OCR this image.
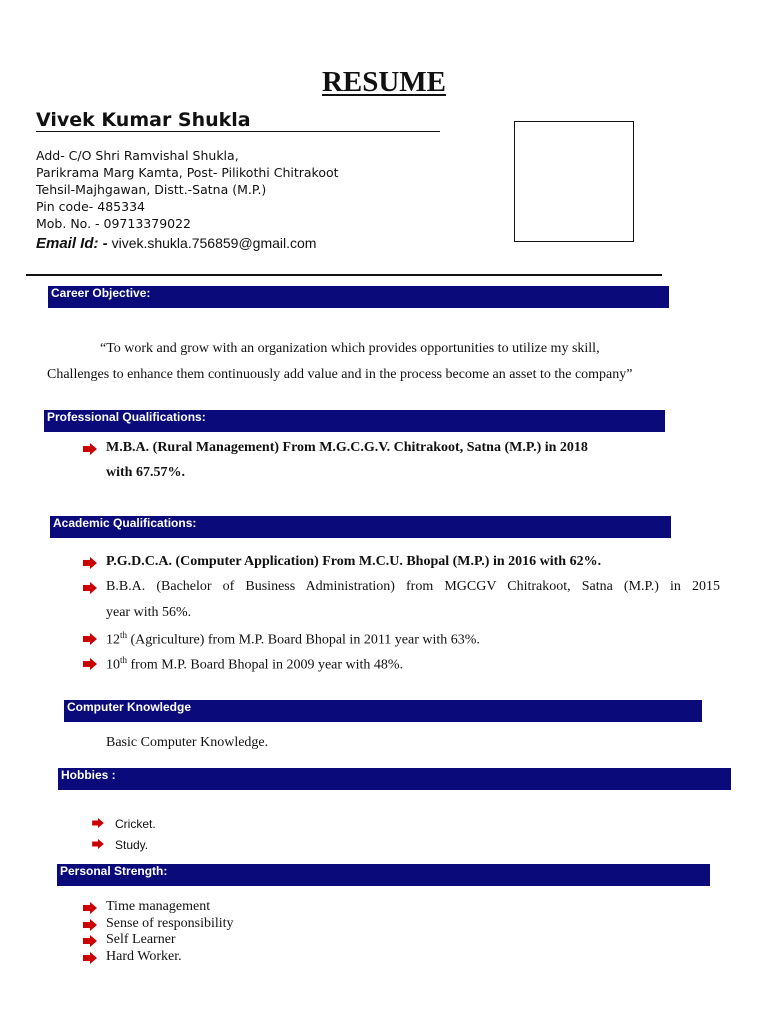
RESUME
Vivek Kumar Shukla
Add- C/O Shri Ramvishal Shukla,
Parikrama Marg Kamta, Post- Pilikothi Chitrakoot
Tehsil-Majhgawan, Distt.-Satna (M.P.)
Pin code- 485334
Mob. No. - 09713379022
Email Id: - vivek.shukla.756859@gmail.com
Career Objective:
“To work and grow with an organization which provides opportunities to utilize my skill,
Challenges to enhance them continuously add value and in the process become an asset to the company”
Professional Qualifications:
M.B.A. (Rural Management) From M.G.C.G.V. Chitrakoot, Satna (M.P.) in 2018
with 67.57%.
Academic Qualifications:
P.G.D.C.A. (Computer Application) From M.C.U. Bhopal (M.P.) in 2016 with 62%.
B.B.A. (Bachelor of Business Administration) from MGCGV Chitrakoot, Satna (M.P.) in 2015
year with 56%.
12th (Agriculture) from M.P. Board Bhopal in 2011 year with 63%.
10th from M.P. Board Bhopal in 2009 year with 48%.
Computer Knowledge
Basic Computer Knowledge.
Hobbies :
Cricket.
Study.
Personal Strength:
Time management
Sense of responsibility
Self Learner
Hard Worker.
